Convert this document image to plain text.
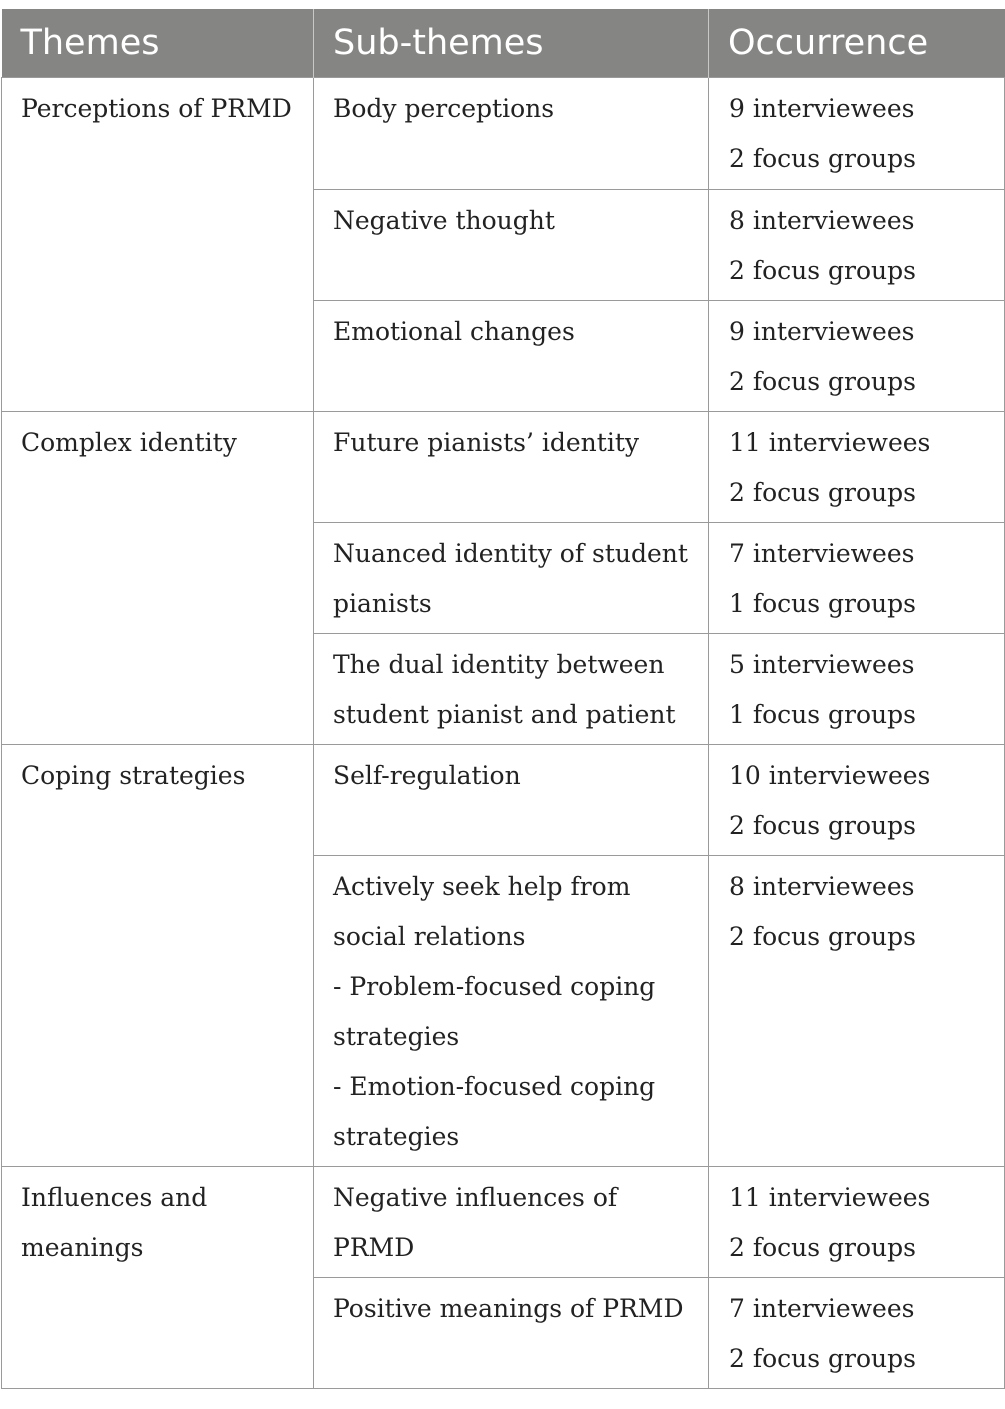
Themes	Sub-themes	Occurrence

Perceptions of PRMD	Body perceptions	9 interviewees
2 focus groups

	Negative thought	8 interviewees
2 focus groups

	Emotional changes	9 interviewees
2 focus groups

Complex identity	Future pianists’ identity	11 interviewees
2 focus groups

	Nuanced identity of student pianists	7 interviewees
1 focus groups

	The dual identity between student pianist and patient	5 interviewees
1 focus groups

Coping strategies	Self-regulation	10 interviewees
2 focus groups

	Actively seek help from social relations
- Problem-focused coping strategies
- Emotion-focused coping strategies	8 interviewees
2 focus groups

Influences and meanings	Negative influences of PRMD	11 interviewees
2 focus groups

	Positive meanings of PRMD	7 interviewees
2 focus groups
